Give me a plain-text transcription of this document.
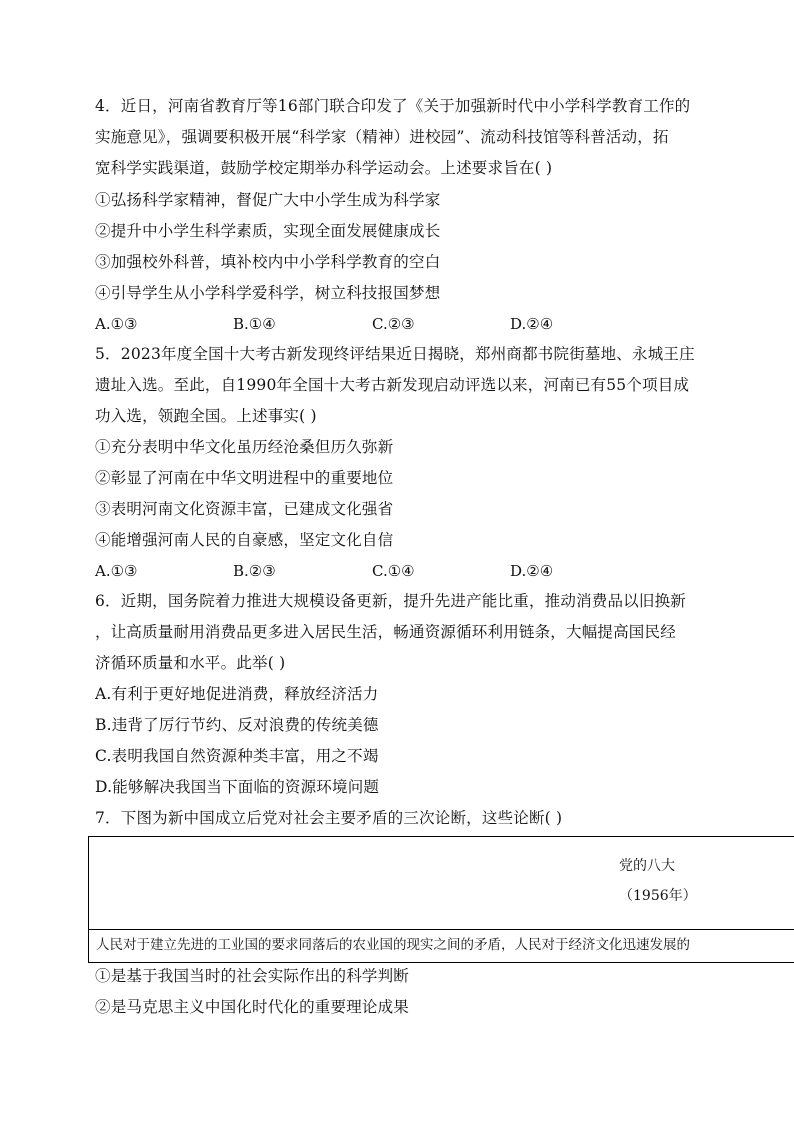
4．近日，河南省教育厅等16部门联合印发了《关于加强新时代中小学科学教育工作的
实施意见》，强调要积极开展“科学家（精神）进校园”、流动科技馆等科普活动，拓
宽科学实践渠道，鼓励学校定期举办科学运动会。上述要求旨在( )
①弘扬科学家精神，督促广大中小学生成为科学家
②提升中小学生科学素质，实现全面发展健康成长
③加强校外科普，填补校内中小学科学教育的空白
④引导学生从小学科学爱科学，树立科技报国梦想
A.①③	B.①④	C.②③	D.②④
5．2023年度全国十大考古新发现终评结果近日揭晓，郑州商都书院街墓地、永城王庄
遗址入选。至此，自1990年全国十大考古新发现启动评选以来，河南已有55个项目成
功入选，领跑全国。上述事实( )
①充分表明中华文化虽历经沧桑但历久弥新
②彰显了河南在中华文明进程中的重要地位
③表明河南文化资源丰富，已建成文化强省
④能增强河南人民的自豪感，坚定文化自信
A.①③	B.②③	C.①④	D.②④
6．近期，国务院着力推进大规模设备更新，提升先进产能比重，推动消费品以旧换新
，让高质量耐用消费品更多进入居民生活，畅通资源循环利用链条，大幅提高国民经
济循环质量和水平。此举( )
A.有利于更好地促进消费，释放经济活力
B.违背了厉行节约、反对浪费的传统美德
C.表明我国自然资源种类丰富，用之不竭
D.能够解决我国当下面临的资源环境问题
7．下图为新中国成立后党对社会主要矛盾的三次论断，这些论断( )
党的八大
（1956年）
人民对于建立先进的工业国的要求同落后的农业国的现实之间的矛盾，人民对于经济文化迅速发展的
①是基于我国当时的社会实际作出的科学判断
②是马克思主义中国化时代化的重要理论成果
